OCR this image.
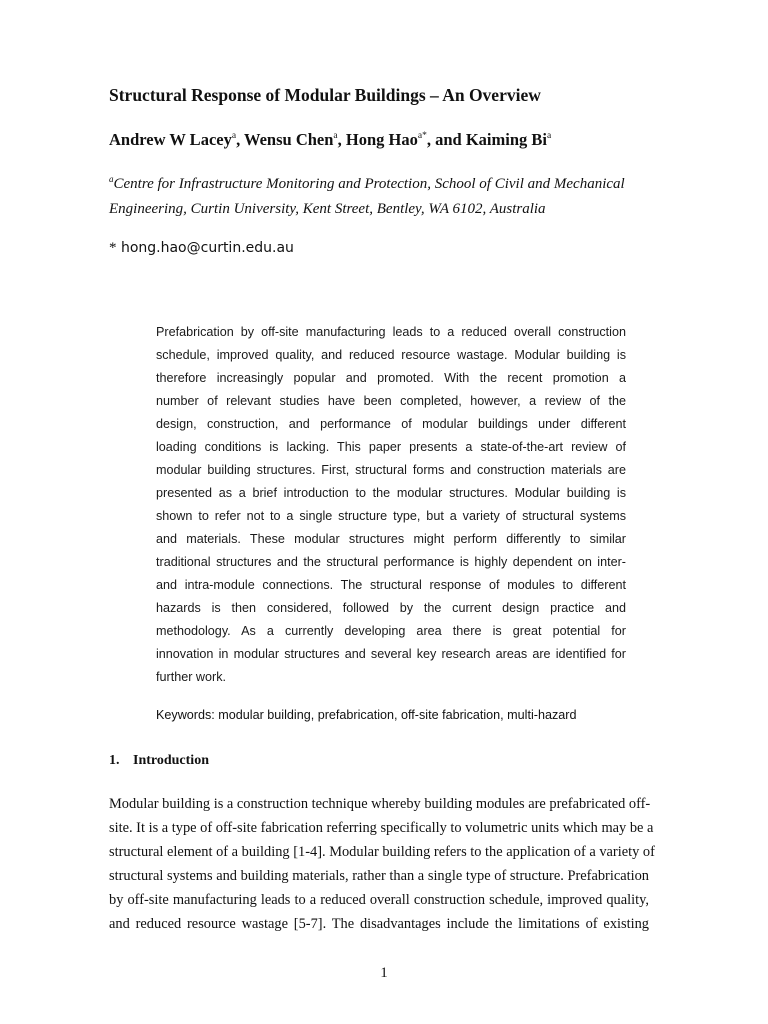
Structural Response of Modular Buildings – An Overview
Andrew W Lacey$^a$, Wensu Chen$^a$, Hong Hao$^{a*}$, and Kaiming Bi$^a$
$^a$Centre for Infrastructure Monitoring and Protection, School of Civil and Mechanical Engineering, Curtin University, Kent Street, Bentley, WA 6102, Australia
* hong.hao@curtin.edu.au
Prefabrication by off-site manufacturing leads to a reduced overall construction
schedule, improved quality, and reduced resource wastage. Modular building is
therefore increasingly popular and promoted. With the recent promotion a
number of relevant studies have been completed, however, a review of the
design, construction, and performance of modular buildings under different
loading conditions is lacking. This paper presents a state-of-the-art review of
modular building structures. First, structural forms and construction materials are
presented as a brief introduction to the modular structures. Modular building is
shown to refer not to a single structure type, but a variety of structural systems
and materials. These modular structures might perform differently to similar
traditional structures and the structural performance is highly dependent on inter-
and intra-module connections. The structural response of modules to different
hazards is then considered, followed by the current design practice and
methodology. As a currently developing area there is great potential for
innovation in modular structures and several key research areas are identified for
further work.
Keywords: modular building, prefabrication, off-site fabrication, multi-hazard
1. Introduction
Modular building is a construction technique whereby building modules are prefabricated off-
site. It is a type of off-site fabrication referring specifically to volumetric units which may be a
structural element of a building [1-4]. Modular building refers to the application of a variety of
structural systems and building materials, rather than a single type of structure. Prefabrication
by off-site manufacturing leads to a reduced overall construction schedule, improved quality,
and reduced resource wastage [5-7]. The disadvantages include the limitations of existing
1
